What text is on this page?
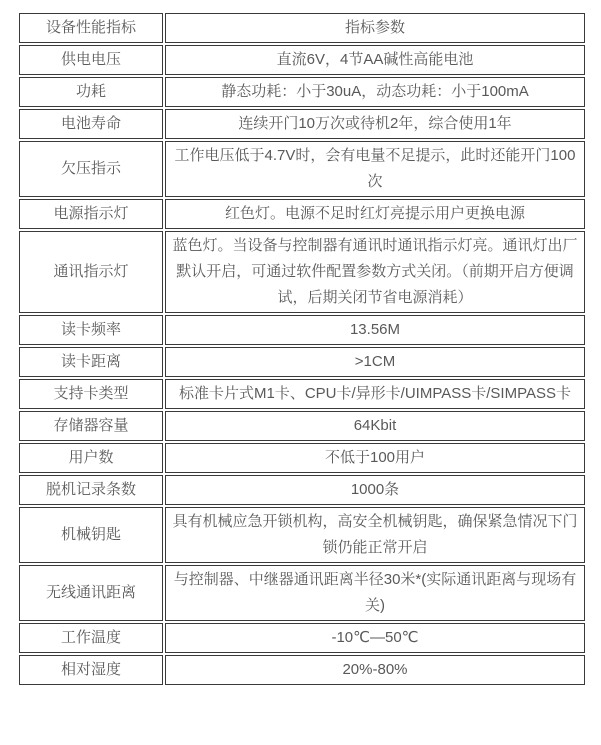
设备性能指标	指标参数
供电电压	直流6V，4节AA碱性高能电池
功耗	静态功耗：小于30uA，动态功耗：小于100mA
电池寿命	连续开门10万次或待机2年，综合使用1年
欠压指示	工作电压低于4.7V时，会有电量不足提示，此时还能开门100次
电源指示灯	红色灯。电源不足时红灯亮提示用户更换电源
通讯指示灯	蓝色灯。当设备与控制器有通讯时通讯指示灯亮。通讯灯出厂默认开启，可通过软件配置参数方式关闭。（前期开启方便调试，后期关闭节省电源消耗）
读卡频率	13.56M
读卡距离	>1CM
支持卡类型	标准卡片式M1卡、CPU卡/异形卡/UIMPASS卡/SIMPASS卡
存储器容量	64Kbit
用户数	不低于100用户
脱机记录条数	1000条
机械钥匙	具有机械应急开锁机构，高安全机械钥匙，确保紧急情况下门锁仍能正常开启
无线通讯距离	与控制器、中继器通讯距离半径30米*(实际通讯距离与现场有关)
工作温度	-10℃—50℃
相对湿度	20%-80%
